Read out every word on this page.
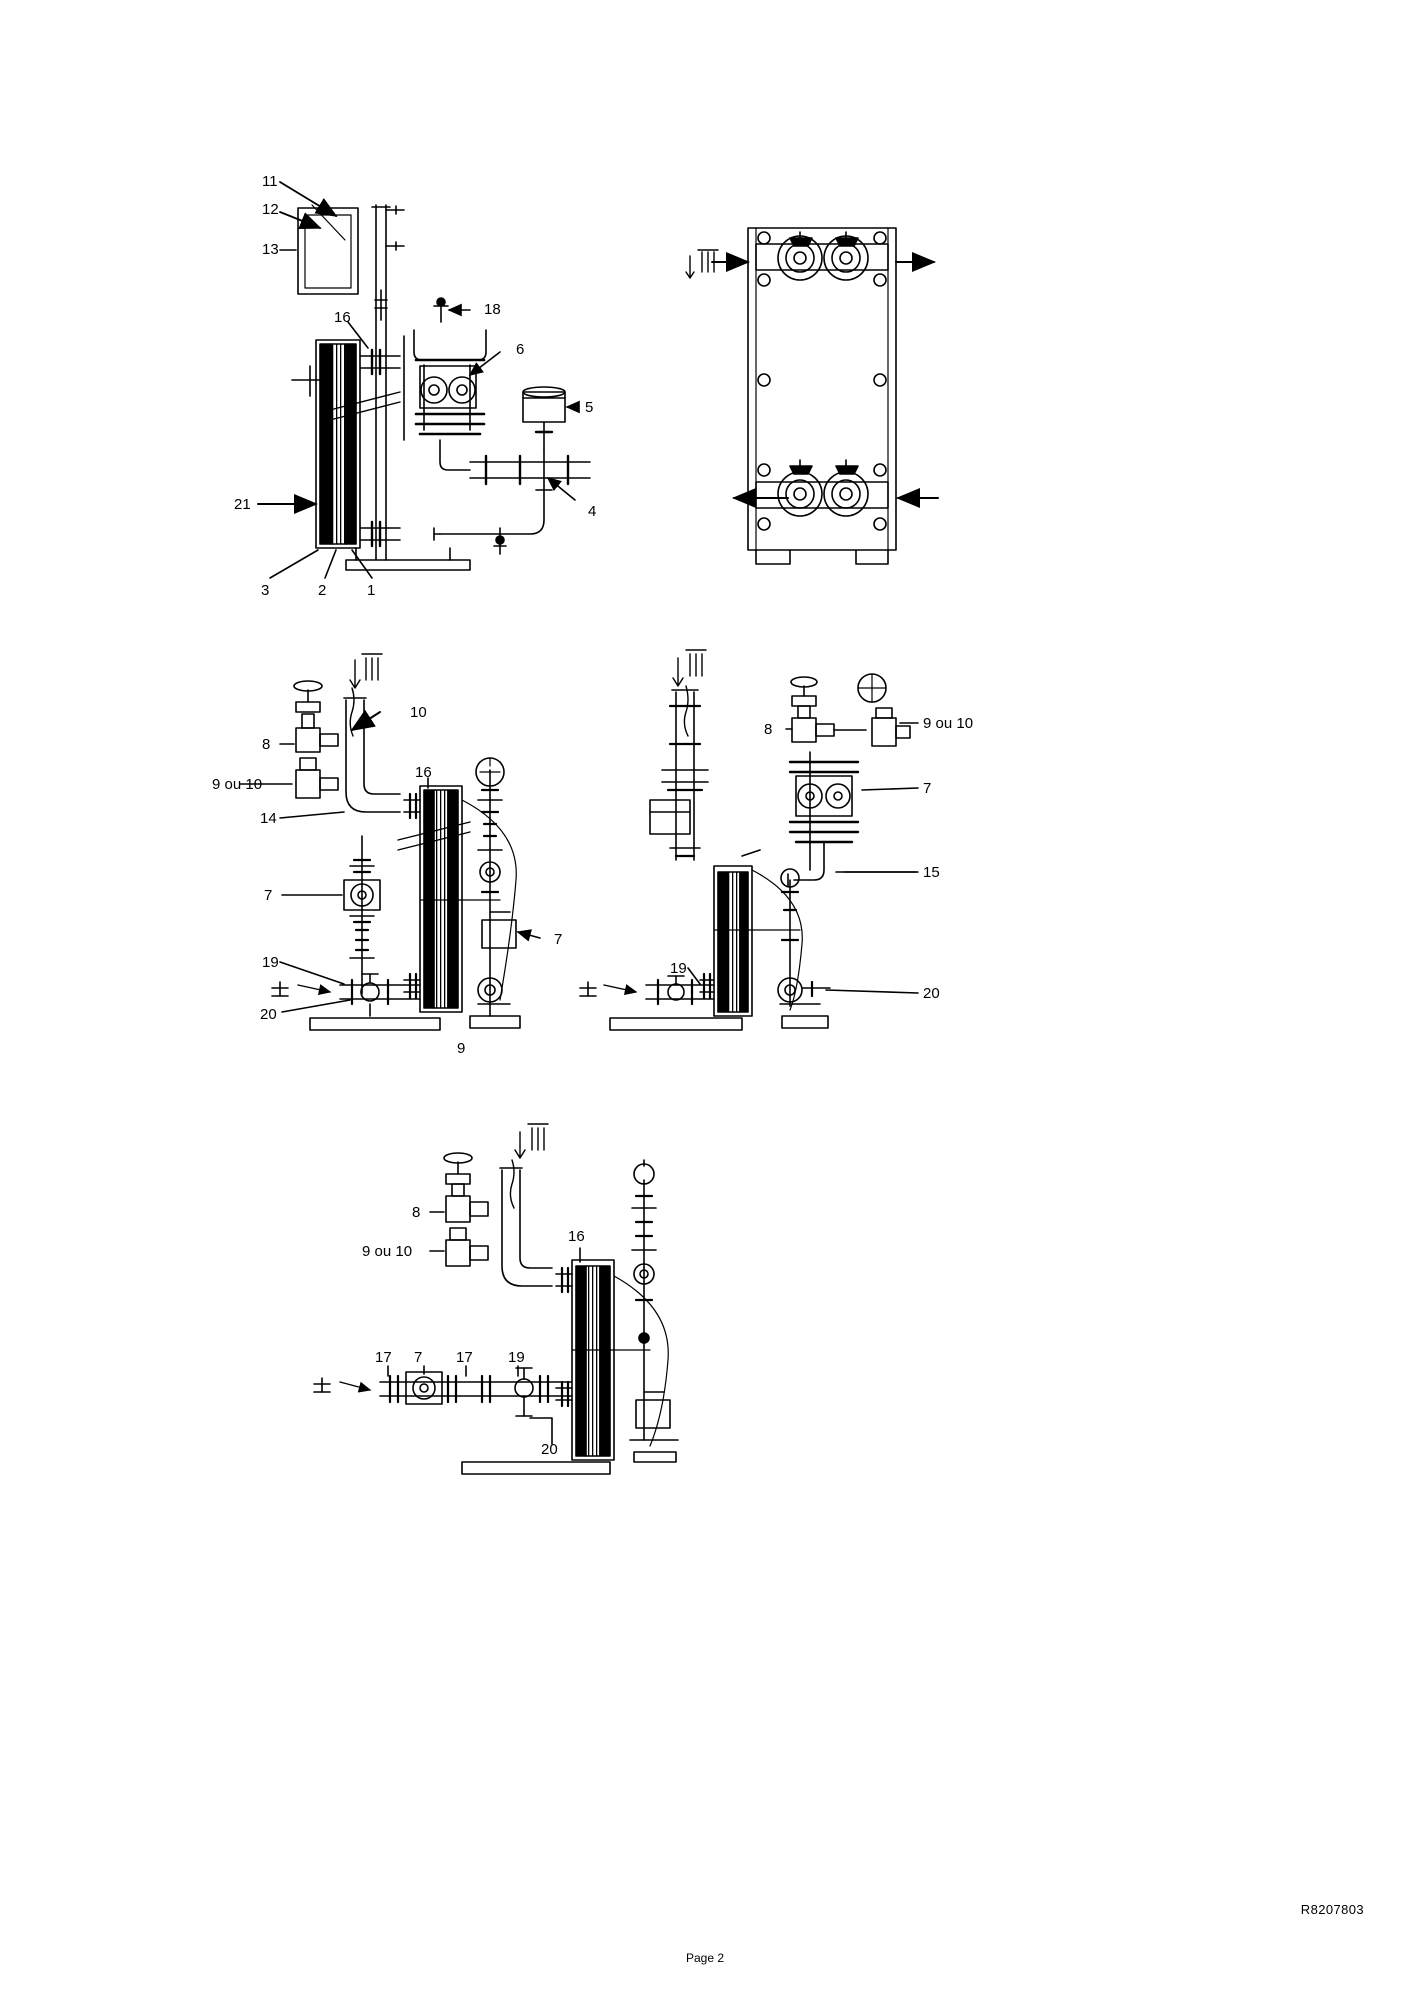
11
12
13
16	18
6
5
4
21
3	2	1
10
8
9 ou 10
16
14
7
7
19
20
9
8	9 ou 10
7
15
19
20
8
9 ou 10
16
17 7 17 19
20
R8207803
Page 2
